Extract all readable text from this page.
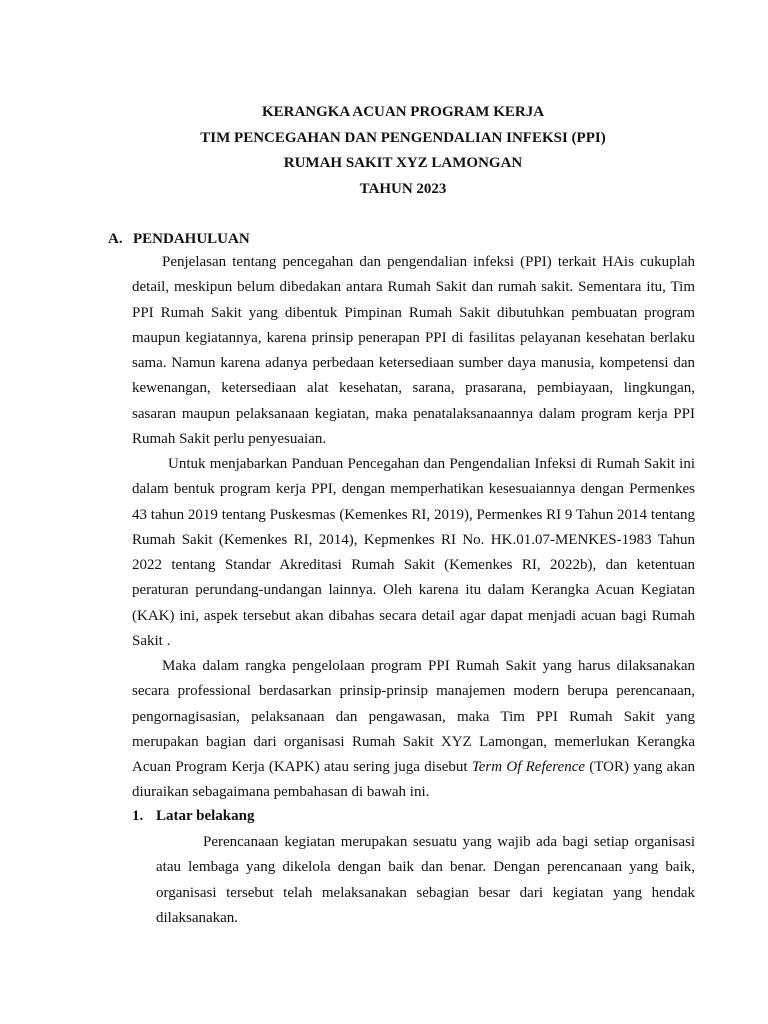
KERANGKA ACUAN PROGRAM KERJA
TIM PENCEGAHAN DAN PENGENDALIAN INFEKSI (PPI)
RUMAH SAKIT XYZ LAMONGAN
TAHUN 2023
A. PENDAHULUAN

Penjelasan tentang pencegahan dan pengendalian infeksi (PPI) terkait HAis cukuplah detail, meskipun belum dibedakan antara Rumah Sakit dan rumah sakit. Sementara itu, Tim PPI Rumah Sakit yang dibentuk Pimpinan Rumah Sakit dibutuhkan pembuatan program maupun kegiatannya, karena prinsip penerapan PPI di fasilitas pelayanan kesehatan berlaku sama. Namun karena adanya perbedaan ketersediaan sumber daya manusia, kompetensi dan kewenangan, ketersediaan alat kesehatan, sarana, prasarana, pembiayaan, lingkungan, sasaran maupun pelaksanaan kegiatan, maka penatalaksanaannya dalam program kerja PPI Rumah Sakit perlu penyesuaian.

Untuk menjabarkan Panduan Pencegahan dan Pengendalian Infeksi di Rumah Sakit ini dalam bentuk program kerja PPI, dengan memperhatikan kesesuaiannya dengan Permenkes 43 tahun 2019 tentang Puskesmas (Kemenkes RI, 2019), Permenkes RI 9 Tahun 2014 tentang Rumah Sakit (Kemenkes RI, 2014), Kepmenkes RI No. HK.01.07-MENKES-1983 Tahun 2022 tentang Standar Akreditasi Rumah Sakit (Kemenkes RI, 2022b), dan ketentuan peraturan perundang-undangan lainnya. Oleh karena itu dalam Kerangka Acuan Kegiatan (KAK) ini, aspek tersebut akan dibahas secara detail agar dapat menjadi acuan bagi Rumah Sakit .

Maka dalam rangka pengelolaan program PPI Rumah Sakit yang harus dilaksanakan secara professional berdasarkan prinsip-prinsip manajemen modern berupa perencanaan, pengornagisasian, pelaksanaan dan pengawasan, maka Tim PPI Rumah Sakit yang merupakan bagian dari organisasi Rumah Sakit XYZ Lamongan, memerlukan Kerangka Acuan Program Kerja (KAPK) atau sering juga disebut Term Of Reference (TOR) yang akan diuraikan sebagaimana pembahasan di bawah ini.

1. Latar belakang

Perencanaan kegiatan merupakan sesuatu yang wajib ada bagi setiap organisasi atau lembaga yang dikelola dengan baik dan benar. Dengan perencanaan yang baik, organisasi tersebut telah melaksanakan sebagian besar dari kegiatan yang hendak dilaksanakan.
